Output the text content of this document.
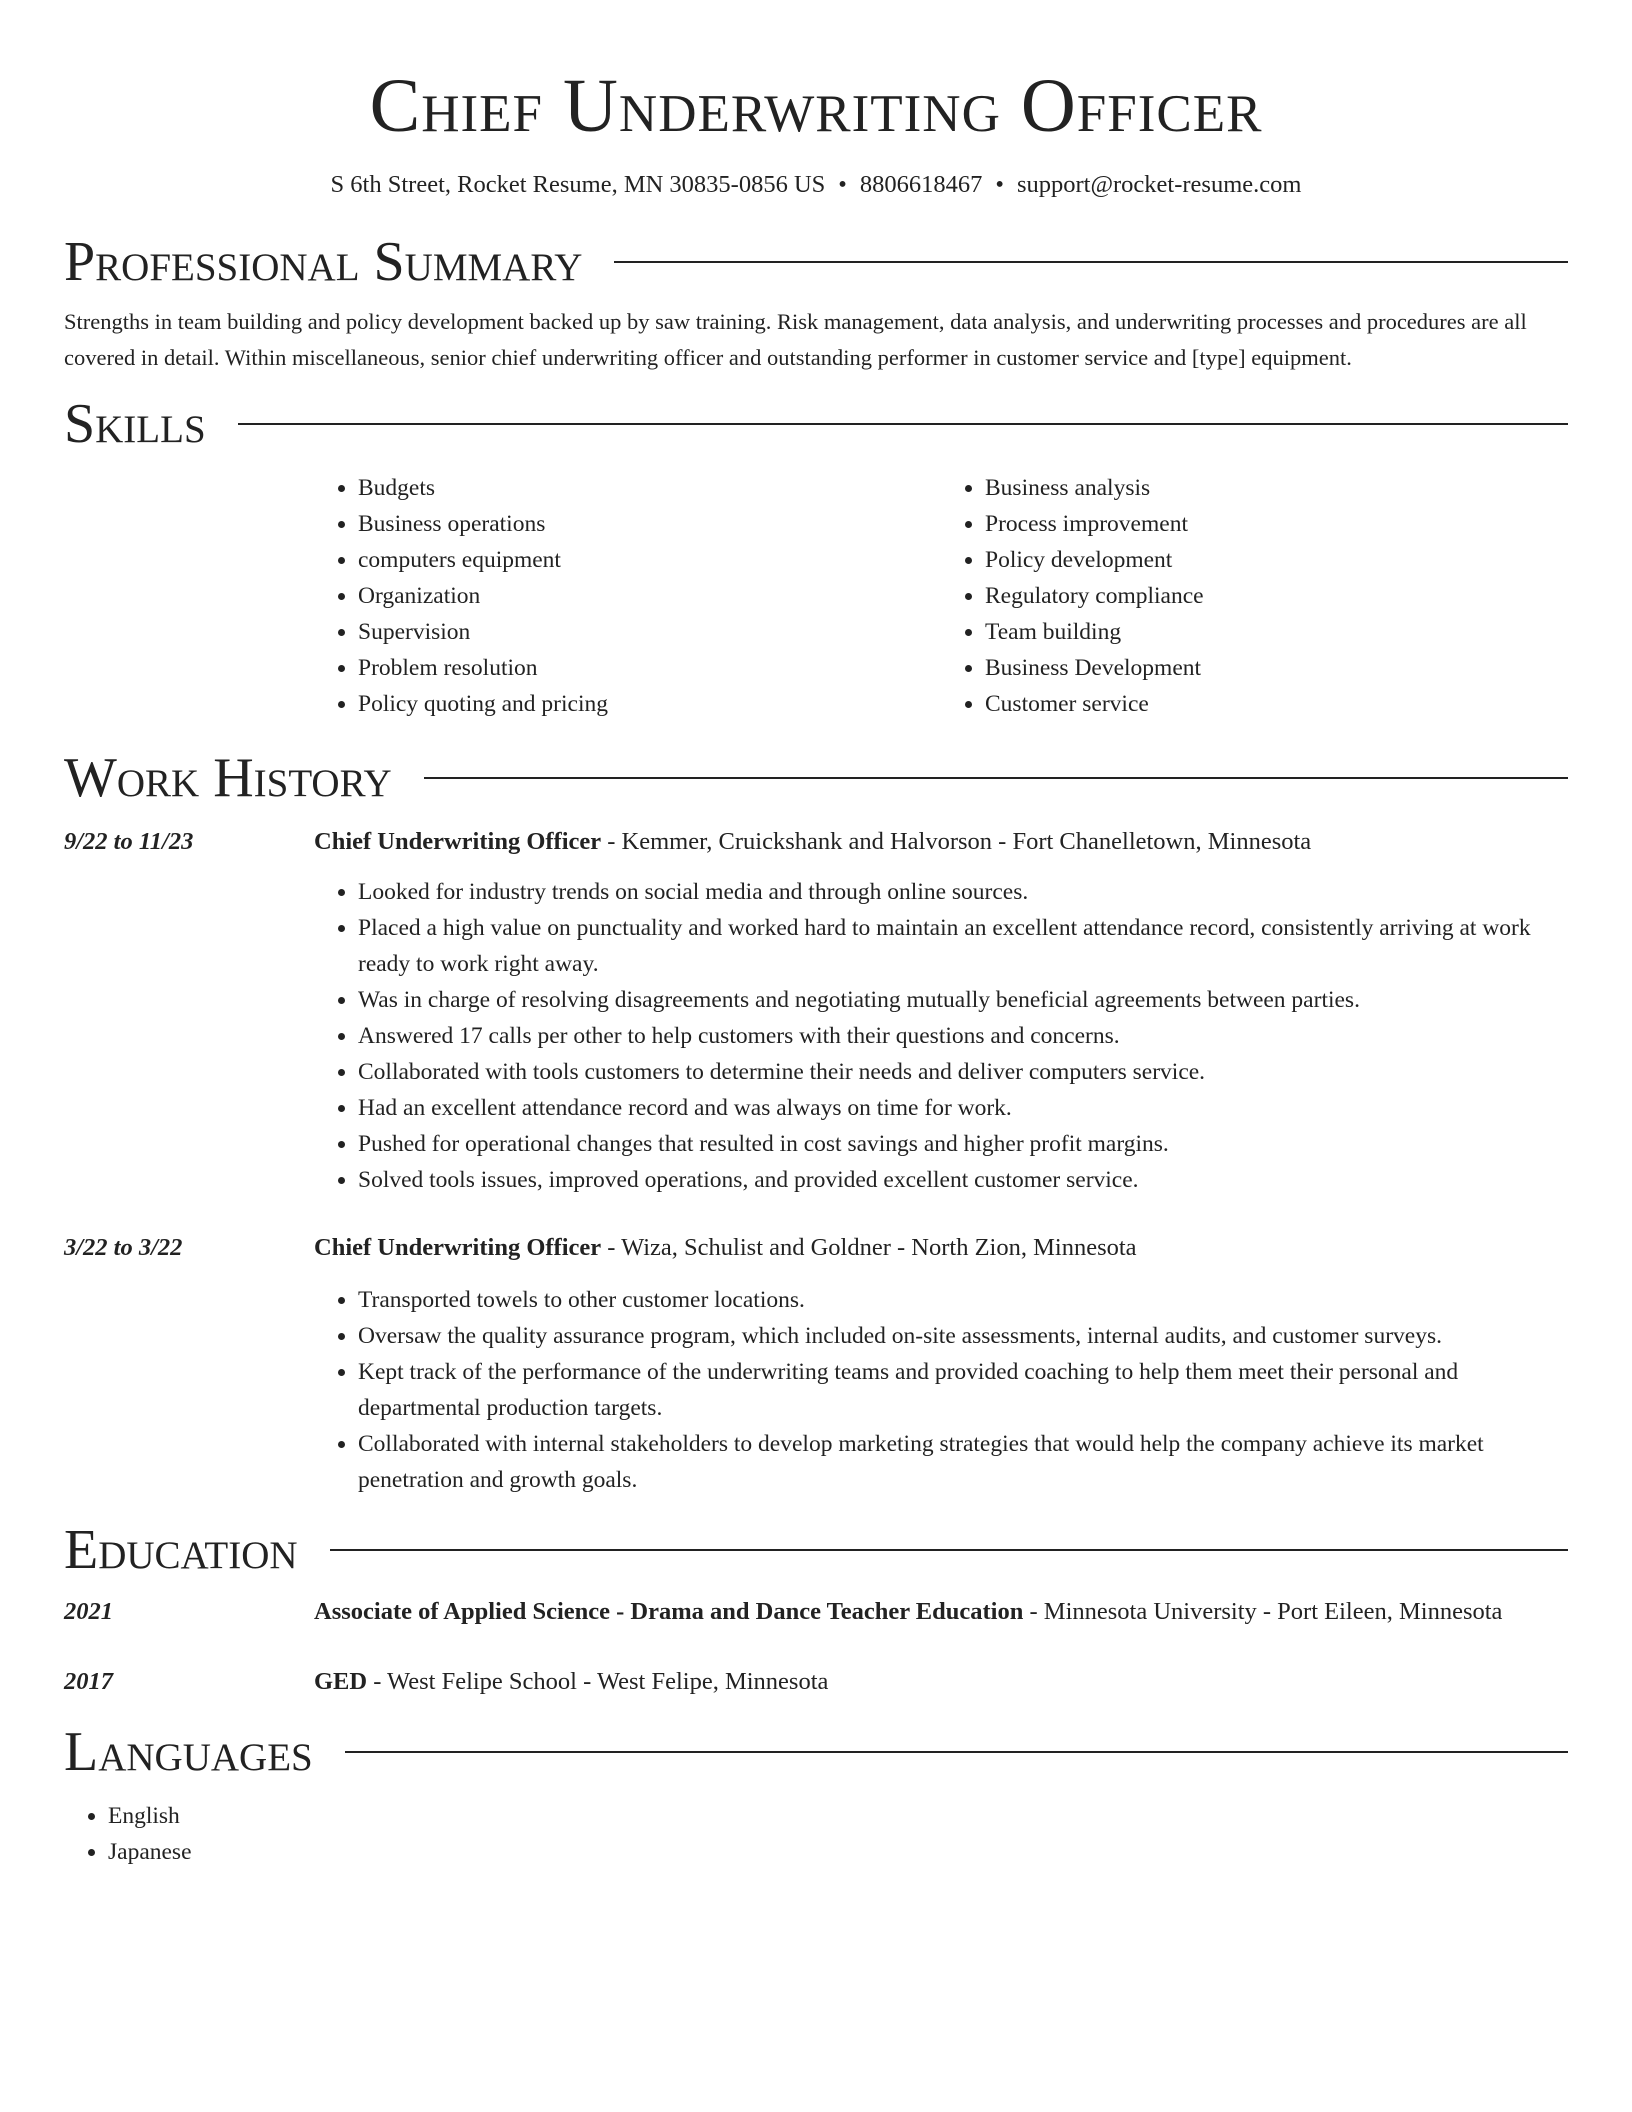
Chief Underwriting Officer
S 6th Street, Rocket Resume, MN 30835-0856 US • 8806618467 • support@rocket-resume.com
Professional Summary

Strengths in team building and policy development backed up by saw training. Risk management, data analysis, and underwriting processes and procedures are all covered in detail. Within miscellaneous, senior chief underwriting officer and outstanding performer in customer service and [type] equipment.

Skills
• Budgets
• Business operations
• computers equipment
• Organization
• Supervision
• Problem resolution
• Policy quoting and pricing
• Business analysis
• Process improvement
• Policy development
• Regulatory compliance
• Team building
• Business Development
• Customer service
Work History
9/22 to 11/23	Chief Underwriting Officer - Kemmer, Cruickshank and Halvorson - Fort Chanelletown, Minnesota
• Looked for industry trends on social media and through online sources.
• Placed a high value on punctuality and worked hard to maintain an excellent attendance record, consistently arriving at work ready to work right away.
• Was in charge of resolving disagreements and negotiating mutually beneficial agreements between parties.
• Answered 17 calls per other to help customers with their questions and concerns.
• Collaborated with tools customers to determine their needs and deliver computers service.
• Had an excellent attendance record and was always on time for work.
• Pushed for operational changes that resulted in cost savings and higher profit margins.
• Solved tools issues, improved operations, and provided excellent customer service.
3/22 to 3/22	Chief Underwriting Officer - Wiza, Schulist and Goldner - North Zion, Minnesota
• Transported towels to other customer locations.
• Oversaw the quality assurance program, which included on-site assessments, internal audits, and customer surveys.
• Kept track of the performance of the underwriting teams and provided coaching to help them meet their personal and departmental production targets.
• Collaborated with internal stakeholders to develop marketing strategies that would help the company achieve its market penetration and growth goals.
Education
2021	Associate of Applied Science - Drama and Dance Teacher Education - Minnesota University - Port Eileen, Minnesota
2017	GED - West Felipe School - West Felipe, Minnesota
Languages
• English
• Japanese
